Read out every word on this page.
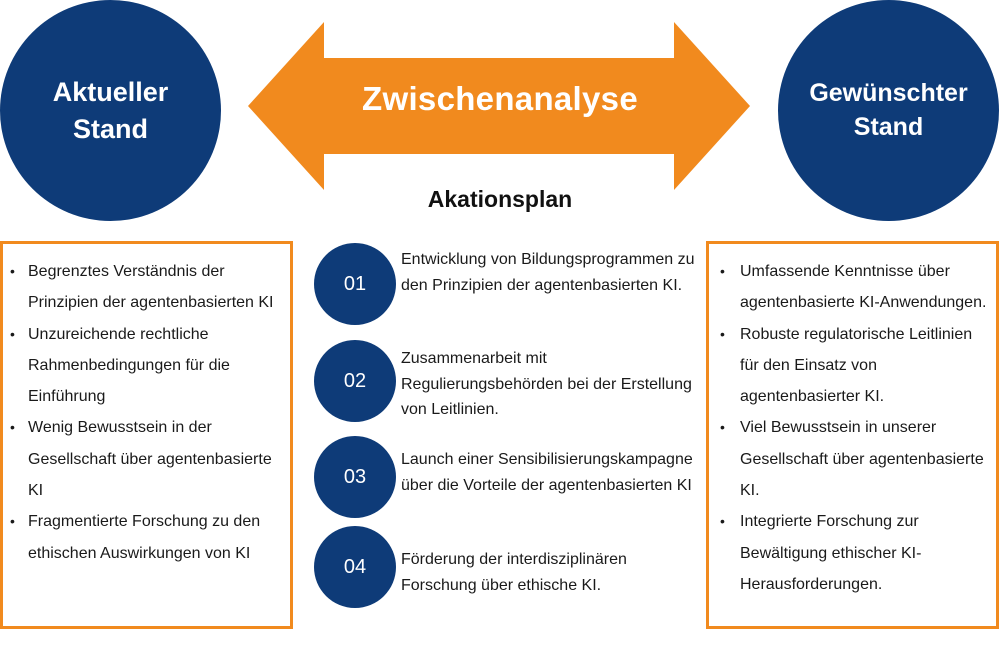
Aktueller
Stand
Gewünschter
Stand
Zwischenanalyse
Akationsplan
• Begrenztes Verständnis der Prinzipien der agentenbasierten KI
• Unzureichende rechtliche Rahmenbedingungen für die Einführung
• Wenig Bewusstsein in der Gesellschaft über agentenbasierte KI
• Fragmentierte Forschung zu den ethischen Auswirkungen von KI
• Umfassende Kenntnisse über agentenbasierte KI-Anwendungen.
• Robuste regulatorische Leitlinien für den Einsatz von agentenbasierter KI.
• Viel Bewusstsein in unserer Gesellschaft über agentenbasierte KI.
• Integrierte Forschung zur Bewältigung ethischer KI-Herausforderungen.
01
Entwicklung von Bildungsprogrammen zu den Prinzipien der agentenbasierten KI.
02
Zusammenarbeit mit Regulierungsbehörden bei der Erstellung von Leitlinien.
03
Launch einer Sensibilisierungskampagne über die Vorteile der agentenbasierten KI
04	Förderung der interdisziplinären Forschung über ethische KI.
